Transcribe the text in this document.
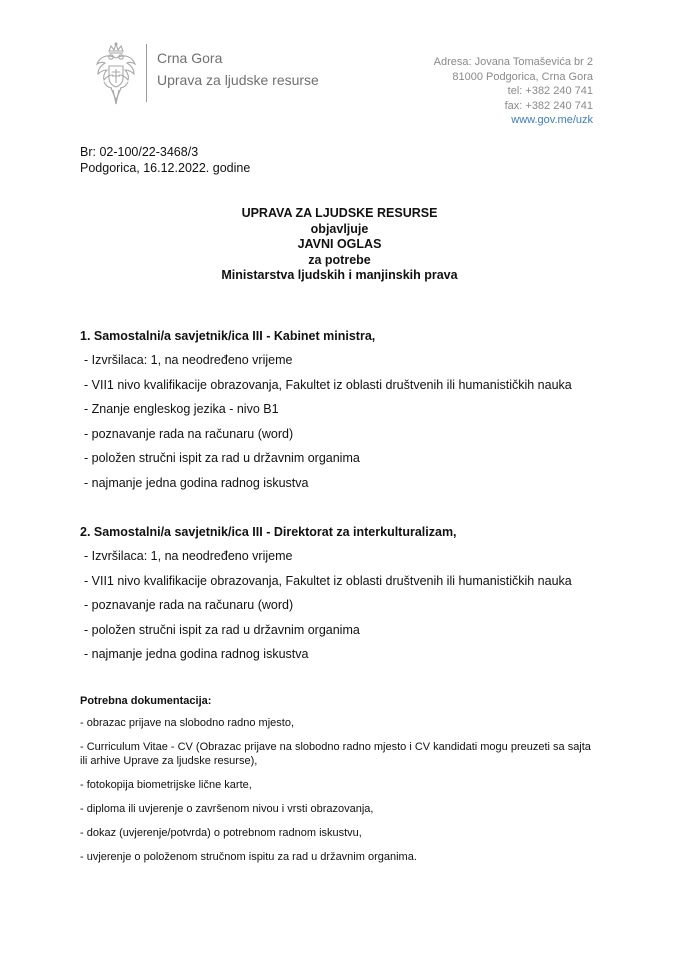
Crna Gora
Uprava za ljudske resurse
Adresa: Jovana Tomaševića br 2
81000 Podgorica, Crna Gora
tel: +382 240 741
fax: +382 240 741
www.gov.me/uzk
Br: 02-100/22-3468/3
Podgorica, 16.12.2022. godine
UPRAVA ZA LJUDSKE RESURSE
objavljuje
JAVNI OGLAS
za potrebe
Ministarstva ljudskih i manjinskih prava
1. Samostalni/a savjetnik/ica III - Kabinet ministra,
- Izvršilaca: 1, na neodređeno vrijeme
- VII1 nivo kvalifikacije obrazovanja, Fakultet iz oblasti društvenih ili humanističkih nauka
- Znanje engleskog jezika - nivo B1
- poznavanje rada na računaru (word)
- položen stručni ispit za rad u državnim organima
- najmanje jedna godina radnog iskustva
2. Samostalni/a savjetnik/ica III - Direktorat za interkulturalizam,
- Izvršilaca: 1, na neodređeno vrijeme
- VII1 nivo kvalifikacije obrazovanja, Fakultet iz oblasti društvenih ili humanističkih nauka
- poznavanje rada na računaru (word)
- položen stručni ispit za rad u državnim organima
- najmanje jedna godina radnog iskustva
Potrebna dokumentacija:
- obrazac prijave na slobodno radno mjesto,
- Curriculum Vitae - CV (Obrazac prijave na slobodno radno mjesto i CV kandidati mogu preuzeti sa sajta ili arhive Uprave za ljudske resurse),
- fotokopija biometrijske lične karte,
- diploma ili uvjerenje o završenom nivou i vrsti obrazovanja,
- dokaz (uvjerenje/potvrda) o potrebnom radnom iskustvu,
- uvjerenje o položenom stručnom ispitu za rad u državnim organima.
